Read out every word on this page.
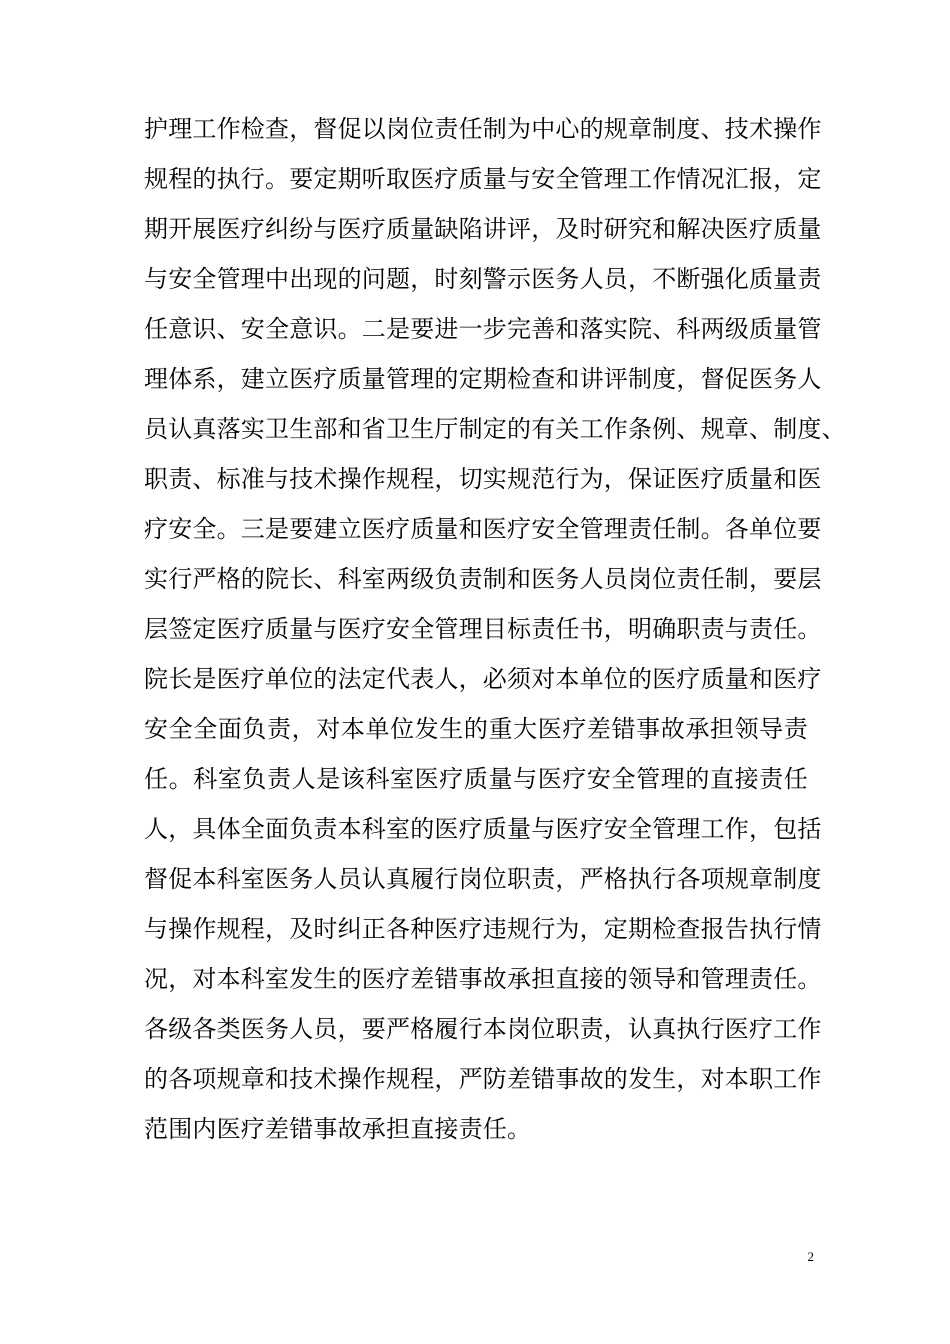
护理工作检查，督促以岗位责任制为中心的规章制度、技术操作
规程的执行。要定期听取医疗质量与安全管理工作情况汇报，定
期开展医疗纠纷与医疗质量缺陷讲评，及时研究和解决医疗质量
与安全管理中出现的问题，时刻警示医务人员，不断强化质量责
任意识、安全意识。二是要进一步完善和落实院、科两级质量管
理体系，建立医疗质量管理的定期检查和讲评制度，督促医务人
员认真落实卫生部和省卫生厅制定的有关工作条例、规章、制度、
职责、标准与技术操作规程，切实规范行为，保证医疗质量和医
疗安全。三是要建立医疗质量和医疗安全管理责任制。各单位要
实行严格的院长、科室两级负责制和医务人员岗位责任制，要层
层签定医疗质量与医疗安全管理目标责任书，明确职责与责任。
院长是医疗单位的法定代表人，必须对本单位的医疗质量和医疗
安全全面负责，对本单位发生的重大医疗差错事故承担领导责
任。科室负责人是该科室医疗质量与医疗安全管理的直接责任
人，具体全面负责本科室的医疗质量与医疗安全管理工作，包括
督促本科室医务人员认真履行岗位职责，严格执行各项规章制度
与操作规程，及时纠正各种医疗违规行为，定期检查报告执行情
况，对本科室发生的医疗差错事故承担直接的领导和管理责任。
各级各类医务人员，要严格履行本岗位职责，认真执行医疗工作
的各项规章和技术操作规程，严防差错事故的发生，对本职工作
范围内医疗差错事故承担直接责任。
2
